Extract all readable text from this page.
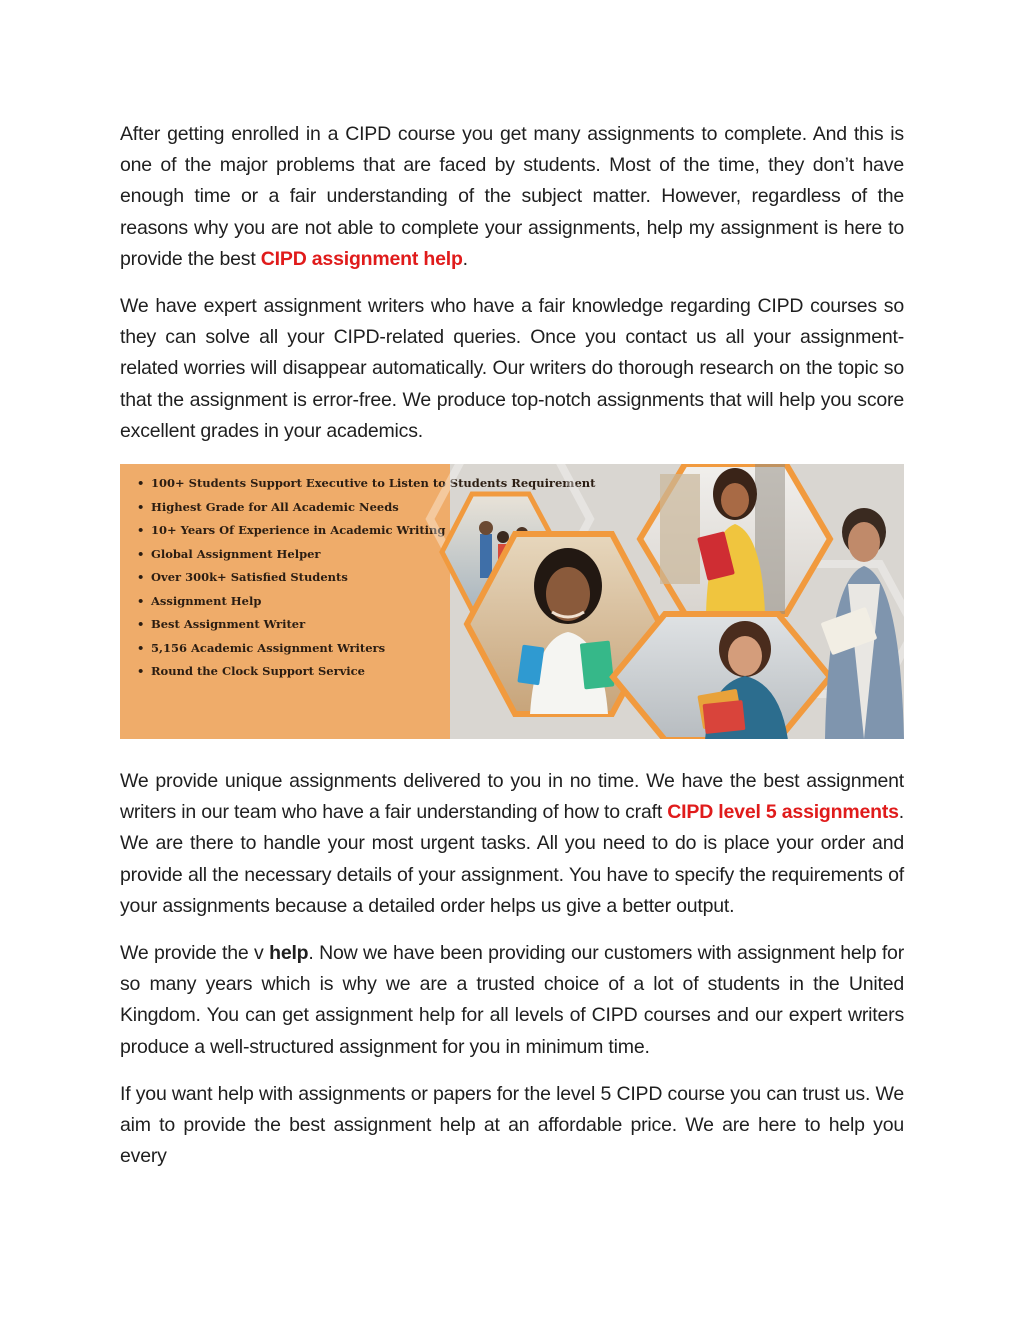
After getting enrolled in a CIPD course you get many assignments to complete. And this is one of the major problems that are faced by students. Most of the time, they don’t have enough time or a fair understanding of the subject matter. However, regardless of the reasons why you are not able to complete your assignments, help my assignment is here to provide the best CIPD assignment help.

We have expert assignment writers who have a fair knowledge regarding CIPD courses so they can solve all your CIPD-related queries. Once you contact us all your assignment-related worries will disappear automatically. Our writers do thorough research on the topic so that the assignment is error-free. We produce top-notch assignments that will help you score excellent grades in your academics.

• 100+ Students Support Executive to Listen to Students Requirement
• Highest Grade for All Academic Needs
• 10+ Years Of Experience in Academic Writing
• Global Assignment Helper
• Over 300k+ Satisfied Students
• Assignment Help
• Best Assignment Writer
• 5,156 Academic Assignment Writers
• Round the Clock Support Service

We provide unique assignments delivered to you in no time. We have the best assignment writers in our team who have a fair understanding of how to craft CIPD level 5 assignments. We are there to handle your most urgent tasks. All you need to do is place your order and provide all the necessary details of your assignment. You have to specify the requirements of your assignments because a detailed order helps us give a better output.

We provide the v help. Now we have been providing our customers with assignment help for so many years which is why we are a trusted choice of a lot of students in the United Kingdom. You can get assignment help for all levels of CIPD courses and our expert writers produce a well-structured assignment for you in minimum time.

If you want help with assignments or papers for the level 5 CIPD course you can trust us. We aim to provide the best assignment help at an affordable price. We are here to help you every
